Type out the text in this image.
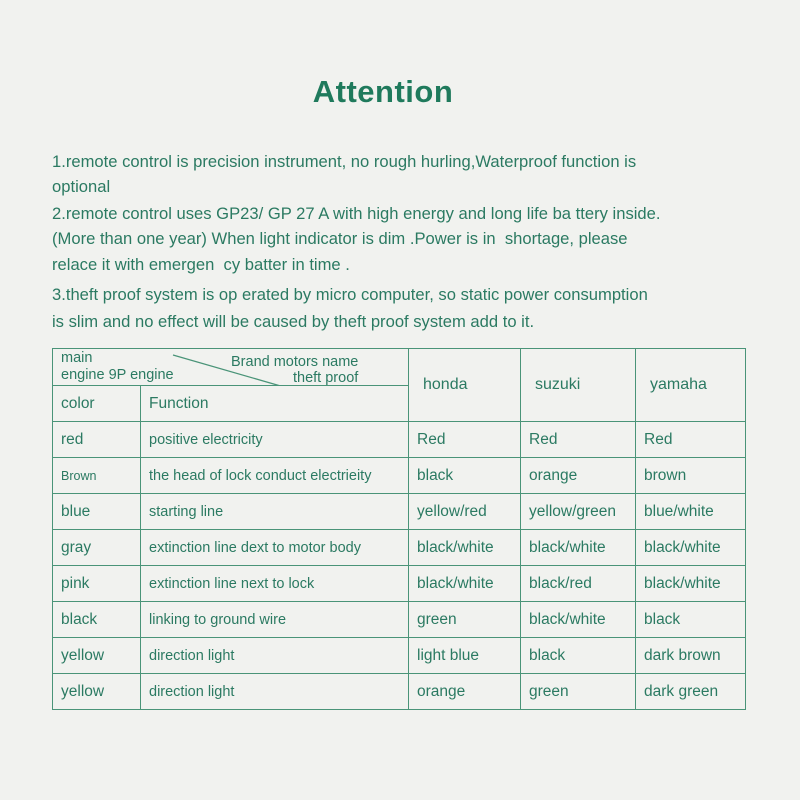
Attention
1.remote control is precision instrument, no rough hurling,Waterproof function is
optional
2.remote control uses GP23/ GP 27 A with high energy and long life ba ttery inside.
(More than one year) When light indicator is dim .Power is in  shortage, please
relace it with emergen  cy batter in time .
3.theft proof system is op erated by micro computer, so static power consumption
is slim and no effect will be caused by theft proof system add to it.
main
engine 9P engine
Brand motors name
theft proof		honda	suzuki	yamaha
color	Function			
red	positive electricity	Red	Red	Red
Brown	the head of lock conduct electrieity	black	orange	brown
blue	starting line	yellow/red	yellow/green	blue/white
gray	extinction line dext to motor body	black/white	black/white	black/white
pink	extinction line next to lock	black/white	black/red	black/white
black	linking to ground wire	green	black/white	black
yellow	direction light	light blue	black	dark brown
yellow	direction light	orange	green	dark green
